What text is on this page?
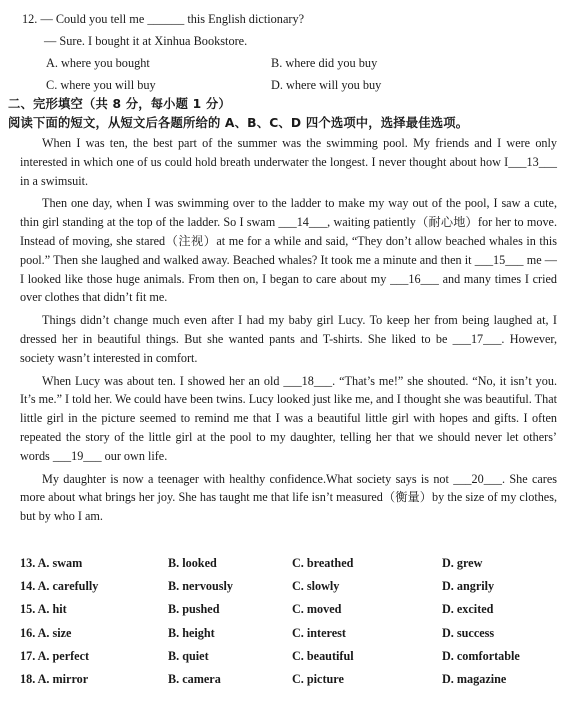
12. — Could you tell me ______ this English dictionary?
— Sure. I bought it at Xinhua Bookstore.
A. where you bought	B. where did you buy
C. where you will buy	D. where will you buy
二、完形填空（共 8 分，每小题 1 分）
阅读下面的短文，从短文后各题所给的 A、B、C、D 四个选项中，选择最佳选项。

When I was ten, the best part of the summer was the swimming pool. My friends and I were only interested in which one of us could hold breath underwater the longest. I never thought about how I___13___ in a swimsuit.

Then one day, when I was swimming over to the ladder to make my way out of the pool, I saw a cute, thin girl standing at the top of the ladder. So I swam ___14___, waiting patiently（耐心地）for her to move. Instead of moving, she stared（注视）at me for a while and said, “They don’t allow beached whales in this pool.” Then she laughed and walked away. Beached whales? It took me a minute and then it ___15___ me —I looked like those huge animals. From then on, I began to care about my ___16___ and many times I cried over clothes that didn’t fit me.

Things didn’t change much even after I had my baby girl Lucy. To keep her from being laughed at, I dressed her in beautiful things. But she wanted pants and T-shirts. She liked to be ___17___. However, society wasn’t interested in comfort.

When Lucy was about ten. I showed her an old ___18___. “That’s me!” she shouted. “No, it isn’t you. It’s me.” I told her. We could have been twins. Lucy looked just like me, and I thought she was beautiful. That little girl in the picture seemed to remind me that I was a beautiful little girl with hopes and gifts. I often repeated the story of the little girl at the pool to my daughter, telling her that we should never let others’ words ___19___ our own life.

My daughter is now a teenager with healthy confidence.What society says is not ___20___. She cares more about what brings her joy. She has taught me that life isn’t measured（衡量）by the size of my clothes, but by who I am.

13. A. swam	B. looked	C. breathed	D. grew
14. A. carefully	B. nervously	C. slowly	D. angrily
15. A. hit	B. pushed	C. moved	D. excited
16. A. size	B. height	C. interest	D. success
17. A. perfect	B. quiet	C. beautiful	D. comfortable
18. A. mirror	B. camera	C. picture	D. magazine
